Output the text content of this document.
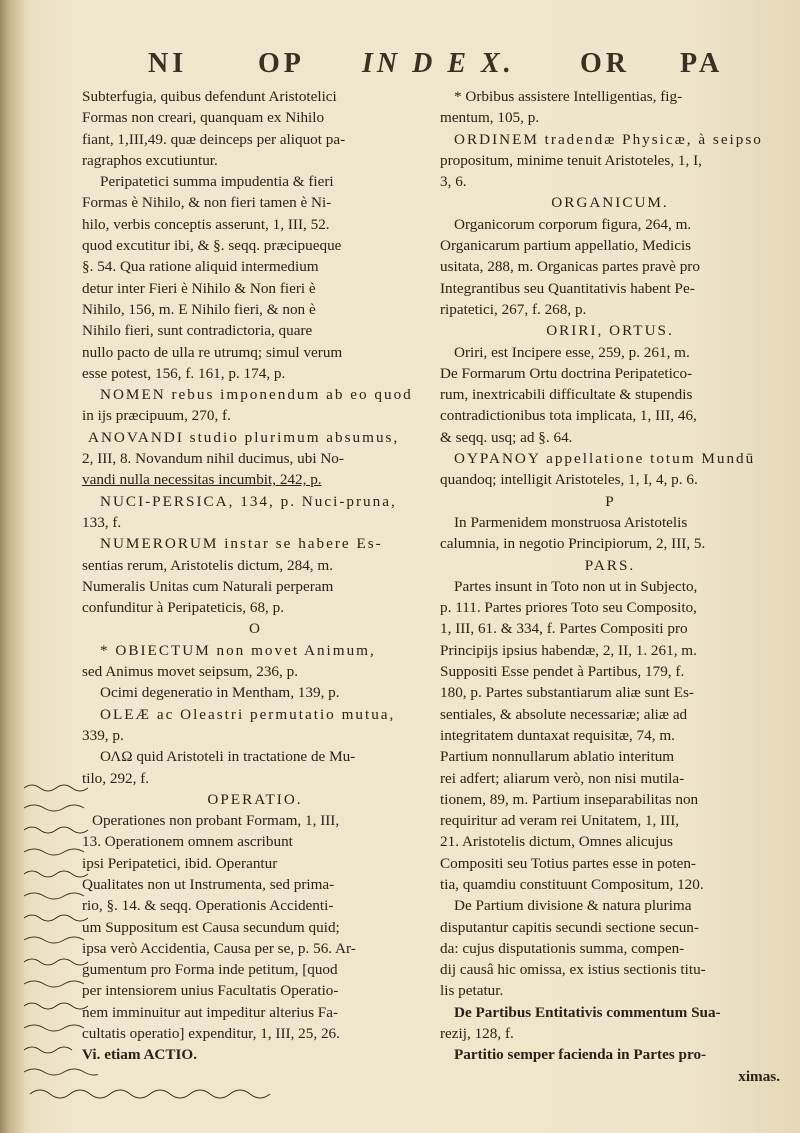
NI	OP IN D E X. OR PA
Subterfugia, quibus defendunt Aristotelici
Formas non creari, quanquam ex Nihilo
fiant, 1,III,49. quæ deinceps per aliquot pa-
ragraphos excutiuntur.
Peripatetici summa impudentia & fieri
Formas è Nihilo, & non fieri tamen è Ni-
hilo, verbis conceptis asserunt, 1, III, 52.
quod excutitur ibi, & §. seqq. præcipueque
§. 54. Qua ratione aliquid intermedium
detur inter Fieri è Nihilo & Non fieri è
Nihilo, 156, m. E Nihilo fieri, & non è
Nihilo fieri, sunt contradictoria, quare
nullo pacto de ulla re utrumq; simul verum
esse potest, 156, f. 161, p. 174, p.
NOMEN rebus imponendum ab eo quod
in ijs præcipuum, 270, f.
ANOVANDI studio plurimum absumus,
2, III, 8. Novandum nihil ducimus, ubi No-
vandi nulla necessitas incumbit, 242, p.
NUCI-PERSICA, 134, p. Nuci-pruna,
133, f.
NUMERORUM instar se habere Es-
sentias rerum, Aristotelis dictum, 284, m.
Numeralis Unitas cum Naturali perperam
confunditur à Peripateticis, 68, p.
O
* OBIECTUM non movet Animum,
sed Animus movet seipsum, 236, p.
Ocimi degeneratio in Mentham, 139, p.
OLEÆ ac Oleastri permutatio mutua,
339, p.
ΟΛΩ quid Aristoteli in tractatione de Mu-
tilo, 292, f.
OPERATIO.
Operationes non probant Formam, 1, III,
13. Operationem omnem ascribunt
ipsi Peripatetici, ibid. Operantur
Qualitates non ut Instrumenta, sed prima-
rio, §. 14. & seqq. Operationis Accidenti-
um Suppositum est Causa secundum quid;
ipsa verò Accidentia, Causa per se, p. 56. Ar-
gumentum pro Forma inde petitum, [quod
per intensiorem unius Facultatis Operatio-
nem imminuitur aut impeditur alterius Fa-
cultatis operatio] expenditur, 1, III, 25, 26.
Vi. etiam ACTIO.
* Orbibus assistere Intelligentias, fig-
mentum, 105, p.
ORDINEM tradendæ Physicæ, à seipso
propositum, minime tenuit Aristoteles, 1, I,
3, 6.
ORGANICUM.
Organicorum corporum figura, 264, m.
Organicarum partium appellatio, Medicis
usitata, 288, m. Organicas partes pravè pro
Integrantibus seu Quantitativis habent Pe-
ripatetici, 267, f. 268, p.
ORIRI, ORTUS.
Oriri, est Incipere esse, 259, p. 261, m.
De Formarum Ortu doctrina Peripatetico-
rum, inextricabili difficultate & stupendis
contradictionibus tota implicata, 1, III, 46,
& seqq. usq; ad §. 64.
OYPANOY appellatione totum Mundū
quandoq; intelligit Aristoteles, 1, I, 4, p. 6.
P
In Parmenidem monstruosa Aristotelis
calumnia, in negotio Principiorum, 2, III, 5.
PARS.
Partes insunt in Toto non ut in Subjecto,
p. 111. Partes priores Toto seu Composito,
1, III, 61. & 334, f. Partes Compositi pro
Principijs ipsius habendæ, 2, II, 1. 261, m.
Suppositi Esse pendet à Partibus, 179, f.
180, p. Partes substantiarum aliæ sunt Es-
sentiales, & absolute necessariæ; aliæ ad
integritatem duntaxat requisitæ, 74, m.
Partium nonnullarum ablatio interitum
rei adfert; aliarum verò, non nisi mutila-
tionem, 89, m. Partium inseparabilitas non
requiritur ad veram rei Unitatem, 1, III,
21. Aristotelis dictum, Omnes alicujus
Compositi seu Totius partes esse in poten-
tia, quamdiu constituunt Compositum, 120.
De Partium divisione & natura plurima
disputantur capitis secundi sectione secun-
da: cujus disputationis summa, compen-
dij causâ hic omissa, ex istius sectionis titu-
lis petatur.
De Partibus Entitativis commentum Sua-
rezij, 128, f.
Partitio semper facienda in Partes pro-
ximas.
